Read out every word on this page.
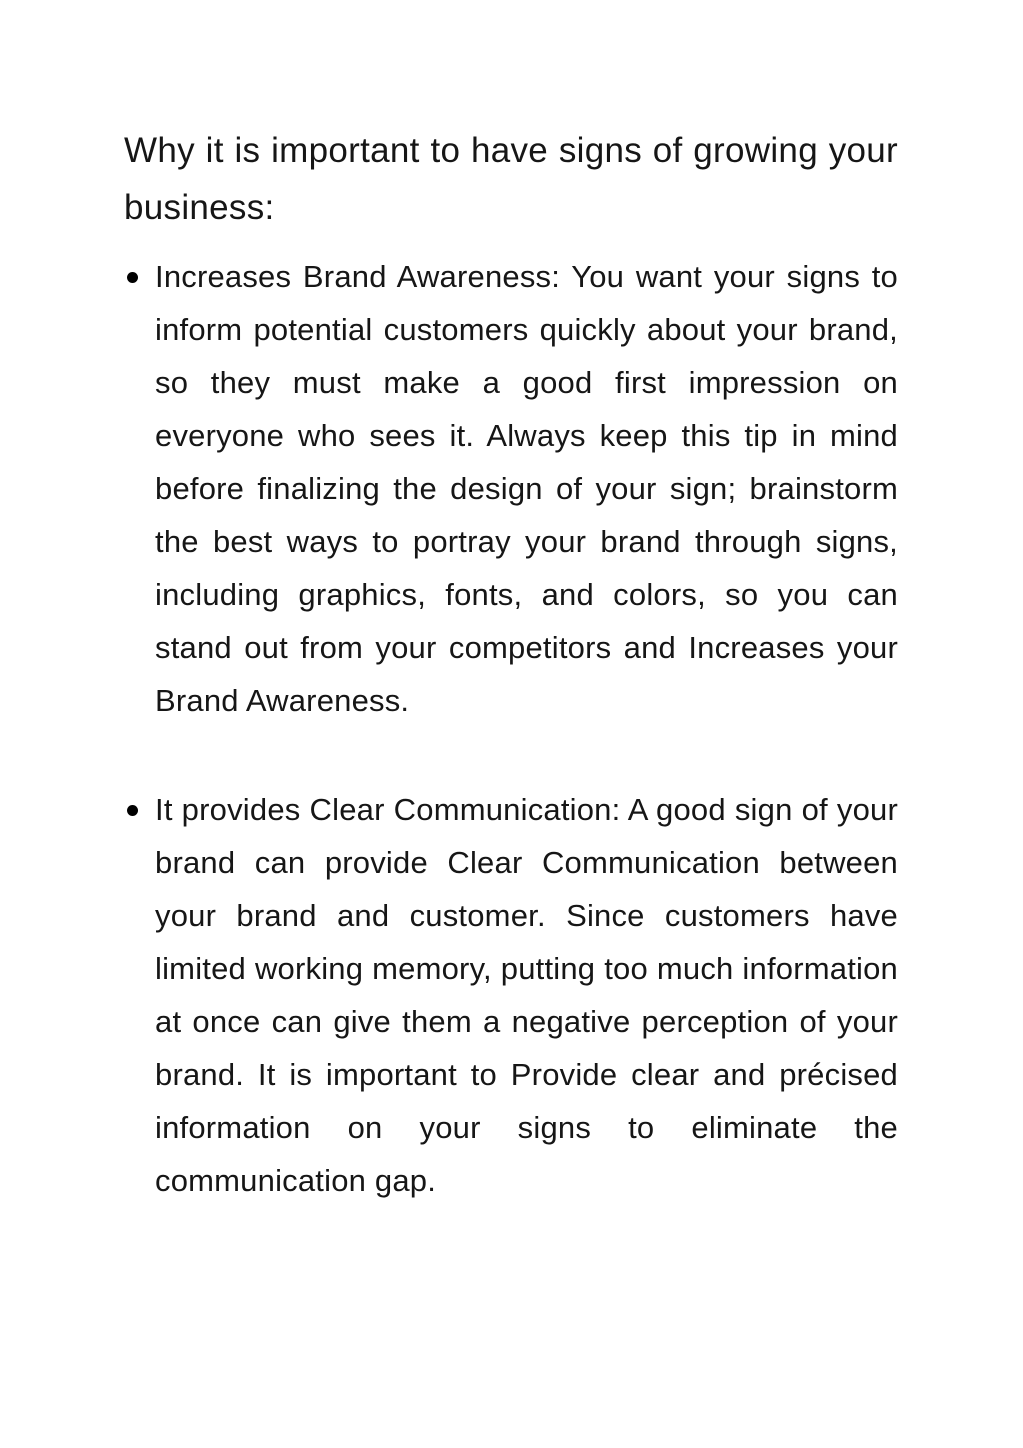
Why it is important to have signs of growing your business:

Increases Brand Awareness: You want your signs to inform potential customers quickly about your brand, so they must make a good first impression on everyone who sees it. Always keep this tip in mind before finalizing the design of your sign; brainstorm the best ways to portray your brand through signs, including graphics, fonts, and colors, so you can stand out from your competitors and Increases your Brand Awareness.
It provides Clear Communication: A good sign of your brand can provide Clear Communication between your brand and customer. Since customers have limited working memory, putting too much information at once can give them a negative perception of your brand. It is important to Provide clear and précised information on your signs to eliminate the communication gap.
